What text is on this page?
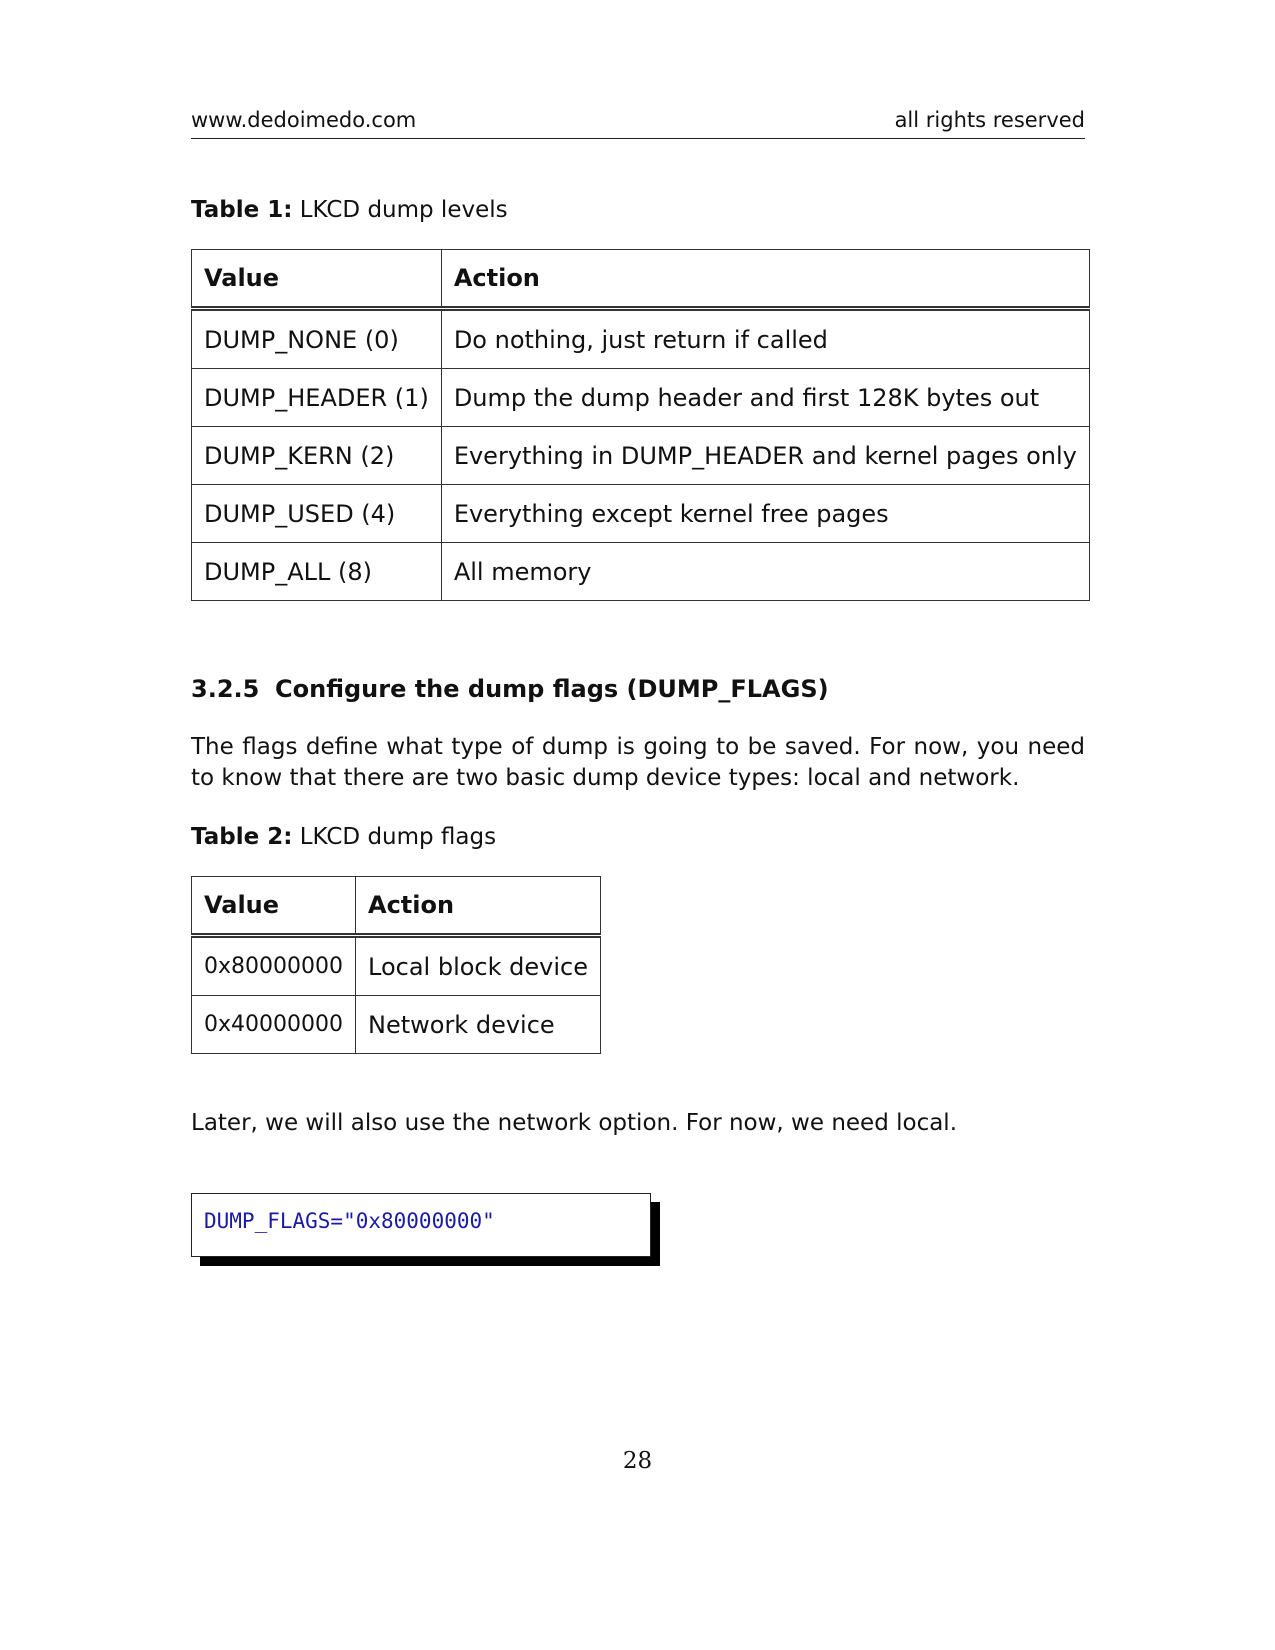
www.dedoimedo.com	all rights reserved
Table 1: LKCD dump levels
Value	Action
DUMP_NONE (0)	Do nothing, just return if called
DUMP_HEADER (1)	Dump the dump header and first 128K bytes out
DUMP_KERN (2)	Everything in DUMP_HEADER and kernel pages only
DUMP_USED (4)	Everything except kernel free pages
DUMP_ALL (8)	All memory
3.2.5 Configure the dump flags (DUMP_FLAGS)
The flags define what type of dump is going to be saved. For now, you need to know that there are two basic dump device types: local and network.
Table 2: LKCD dump flags
Value	Action
0x80000000	Local block device
0x40000000	Network device
Later, we will also use the network option. For now, we need local.
DUMP_FLAGS="0x80000000"
28
